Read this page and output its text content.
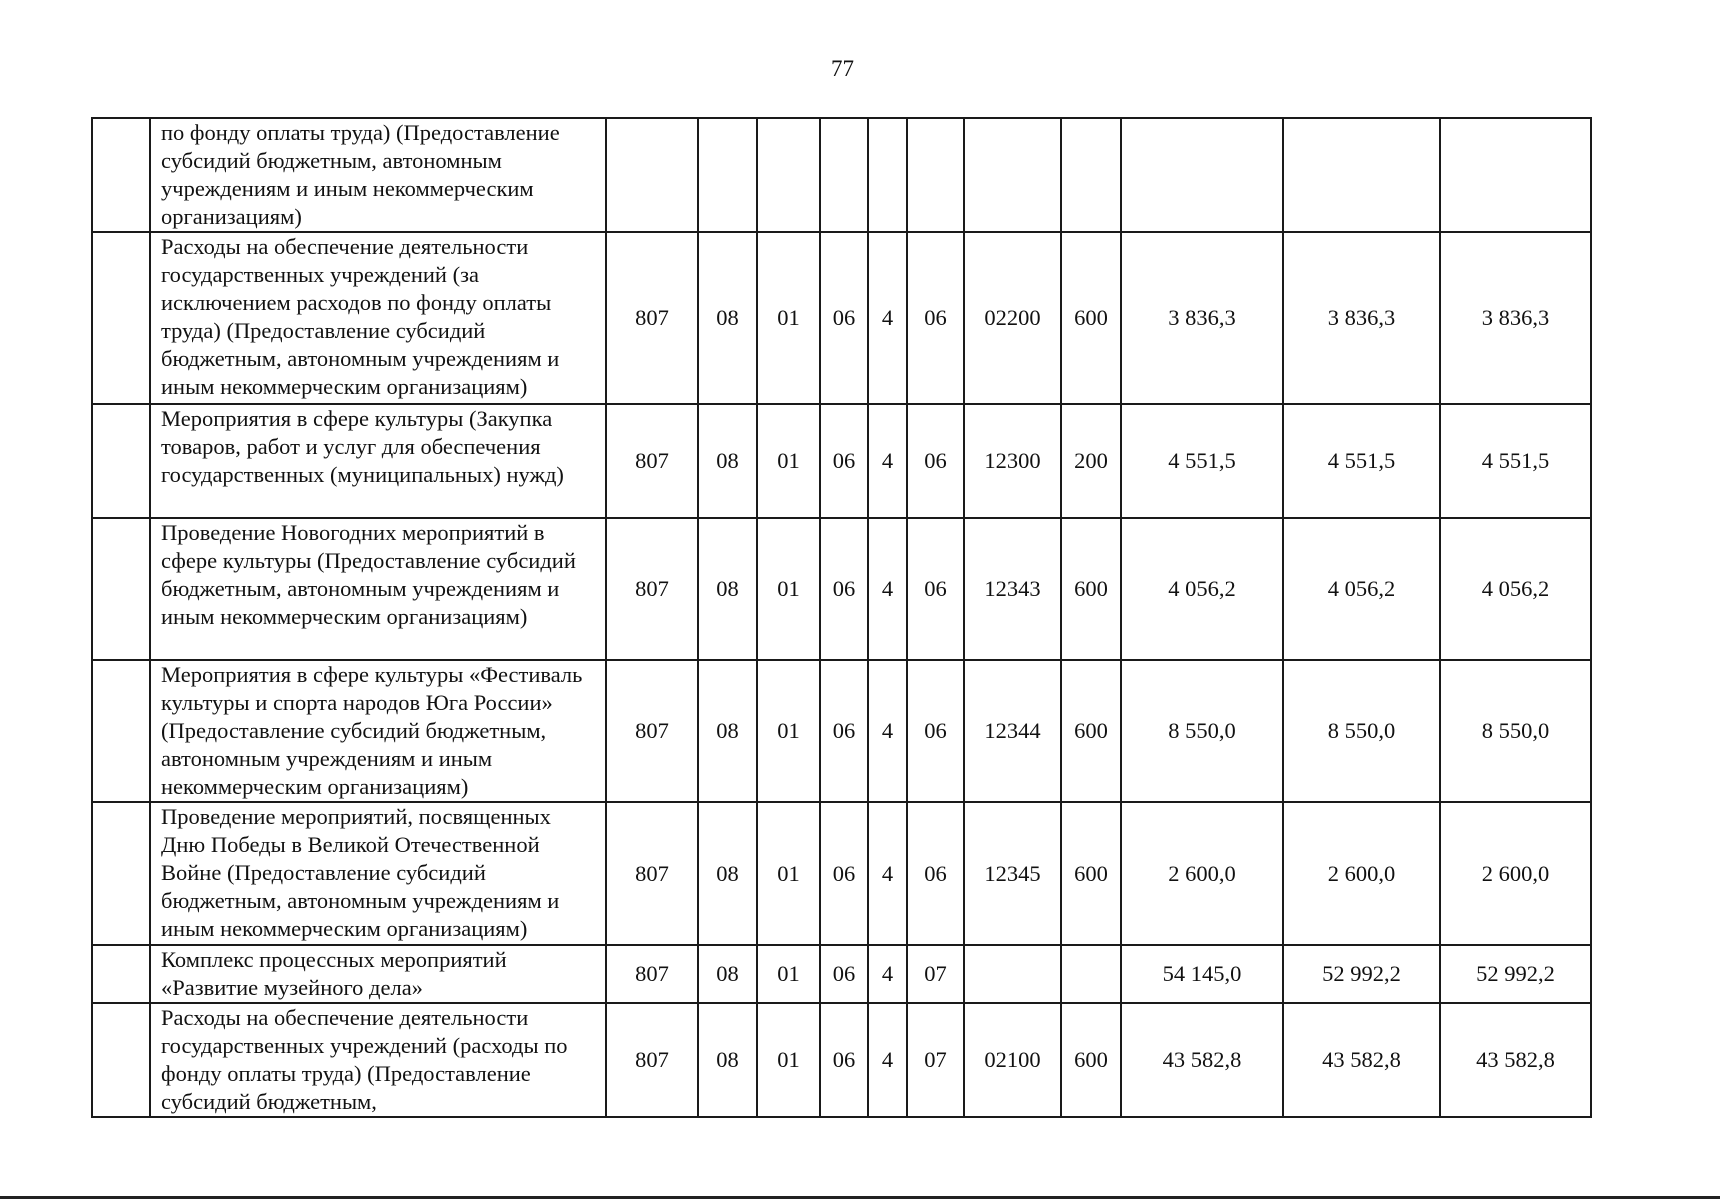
77
	по фонду оплаты труда) (Предоставление субсидий бюджетным, автономным учреждениям и иным некоммерческим организациям)											
	Расходы на обеспечение деятельности государственных учреждений (за исключением расходов по фонду оплаты труда) (Предоставление субсидий бюджетным, автономным учреждениям и иным некоммерческим организациям)	807	08	01	06	4	06	02200	600	3 836,3	3 836,3	3 836,3
	Мероприятия в сфере культуры (Закупка товаров, работ и услуг для обеспечения государственных (муниципальных) нужд)	807	08	01	06	4	06	12300	200	4 551,5	4 551,5	4 551,5
	Проведение Новогодних мероприятий в сфере культуры (Предоставление субсидий бюджетным, автономным учреждениям и иным некоммерческим организациям)	807	08	01	06	4	06	12343	600	4 056,2	4 056,2	4 056,2
	Мероприятия в сфере культуры «Фестиваль культуры и спорта народов Юга России» (Предоставление субсидий бюджетным, автономным учреждениям и иным некоммерческим организациям)	807	08	01	06	4	06	12344	600	8 550,0	8 550,0	8 550,0
	Проведение мероприятий, посвященных Дню Победы в Великой Отечественной Войне (Предоставление субсидий бюджетным, автономным учреждениям и иным некоммерческим организациям)	807	08	01	06	4	06	12345	600	2 600,0	2 600,0	2 600,0
	Комплекс процессных мероприятий «Развитие музейного дела»	807	08	01	06	4	07			54 145,0	52 992,2	52 992,2
	Расходы на обеспечение деятельности государственных учреждений (расходы по фонду оплаты труда) (Предоставление субсидий бюджетным,	807	08	01	06	4	07	02100	600	43 582,8	43 582,8	43 582,8
